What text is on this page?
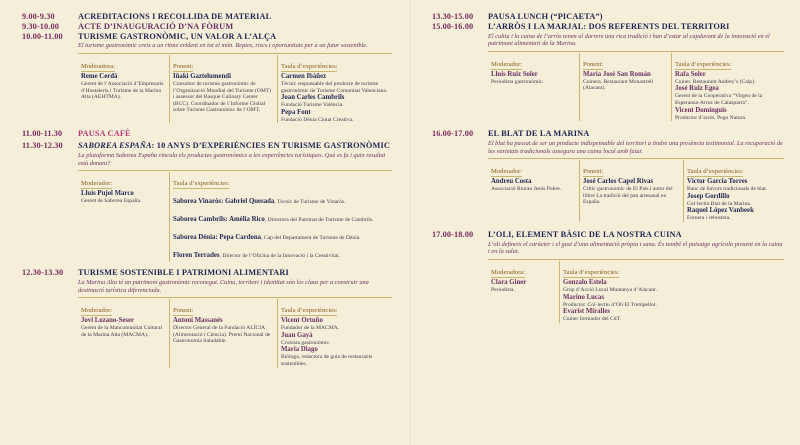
9.00-9.30	ACREDITACIONS I RECOLLIDA DE MATERIAL
9.30-10.00	ACTE D’INAUGURACIÓ D’NA FÒRUM
10.00-11.00	TURISME GASTRONÒMIC, UN VALOR A L’ALÇA
El turisme gastronòmic creix a un ritme evident en tot el món. Reptes, riscs i oportunitats per a un futur sostenible.
Moderadora:
Reme Cerdà
Gerent de l’Associació d’Empresaris d’Hostaleria i Turisme de la Marina Alta (AEHTMA).
Ponent:
Iñaki Gaztelumendi
Consultor de turisme gastronòmic de l’Organització Mundial del Turisme (OMT) i assessor del Basque Culinary Center (BCC). Coordinador de l’Informe Global sobre Turisme Gastronòmic de l’OMT.
Taula d’experiències:
Carmen Ibáñez
Tècnic responsable del producte de turisme gastronòmic de Turisme Comunitat Valenciana.
Joan Carles Cambrils
Fundació Turisme València.
Pepa Font
Fundació Dénia Ciutat Creativa.
11.00-11.30	PAUSA CAFÈ
11.30-12.30	SABOREA ESPAÑA: 10 ANYS D’EXPERIÈNCIES EN TURISME GASTRONÒMIC
La plataforma Saborea España vincula els productes gastronòmics a les experiències turístiques. Què es fa i quin resultat està donant?
Moderador:
Lluís Pujol Marco
Gerent de Saborea España.
Taula d’experiències:
Saborea Vinaròs: Gabriel Quesada, Tècnic de Turisme de Vinaròs.
Saborea Cambrils: Amèlia Rico, Directora del Patronat de Turisme de Cambrils.
Saborea Dénia: Pepa Cardona, Cap del Departament de Turisme de Dénia.
Floren Terrades, Director de l’Oficina de la Innovació i la Creativitat.
12.30-13.30	TURISME SOSTENIBLE I PATRIMONI ALIMENTARI
La Marina Alta té un patrimoni gastronòmic reconegut. Cuina, territori i identitat són les claus per a construir una destinació turística diferenciada.
Moderador:
Jovi Lozano-Seser
Gerent de la Mancomunitat Cultural de la Marina Alta (MACMA).
Ponent:
Antoni Massanés
Director General de la Fundació ALÍCIA (Alimentació i Ciència). Premi Nacional de Gastronomia Saludable.
Taula d’experiències:
Vicent Ortuño
Fundador de la MACMA.
Juan Gayà
Cronista gastronòmic.
María Diago
Biòloga, redactora de guia de restaurants sostenibles.
13.30-15.00	PAUSA LUNCH (“PICAETA”)
15.00-16.00	L’ARRÒS I LA MARJAL: DOS REFERENTS DEL TERRITORI
El cultiu i la cuina de l’arròs tenen al darrere una rica tradició i han d’estar al capdavant de la innovació en el patrimoni alimentari de la Marina.
Moderador:
Lluís Ruiz Soler
Periodista gastronòmic.
Ponent:
María José San Román
Cuinera. Restaurant Monastrell (Alacant).
Taula d’experiències:
Rafa Soler
Cuiner. Restaurant Audrey’s (Calp).
José Ruiz Egea
Gerent de la Cooperativa “Virgen de la Esperanza-Arroz de Calasparra”.
Vicent Domínguis
Productor d’arròs, Pego Natura.
16.00-17.00	EL BLAT DE LA MARINA
El blat ha passat de ser un producte indispensable del territori a tindre una presència testimonial. La recuperació de les varietats tradicionals assegura una cuina local amb futur.
Moderador:
Andreu Costa
Associació Riurau Jesús Pobre.
Ponent:
José Carlos Capel Rivas
Crític gastronòmic de El País i autor del llibre La tradició del pan artesanal en España.
Taula d’experiències:
Víctor García Torres
Banc de llavors tradicionals de blat.
Josep Gordillo
Col·lectiu Blat de la Marina.
Raquel López Vanbeek
Fornera i rebostera.
17.00-18.00	L’OLI, ELEMENT BÀSIC DE LA NOSTRA CUINA
L’oli defineix el caràcter i el gust d’una alimentació pròpia i sana. És també el paisatge agrícola present en la cuina i en la salut.
Moderadora:
Clara Giner
Periodista.
Taula d’experiències:
Gonzalo Estela
Grup d’Acció Local Muntanya d’Alacant.
Marino Lucas
Productor. Col·lectiu d’Oli El Trempellot.
Evarist Miralles
Cuiner formador del CdT.
